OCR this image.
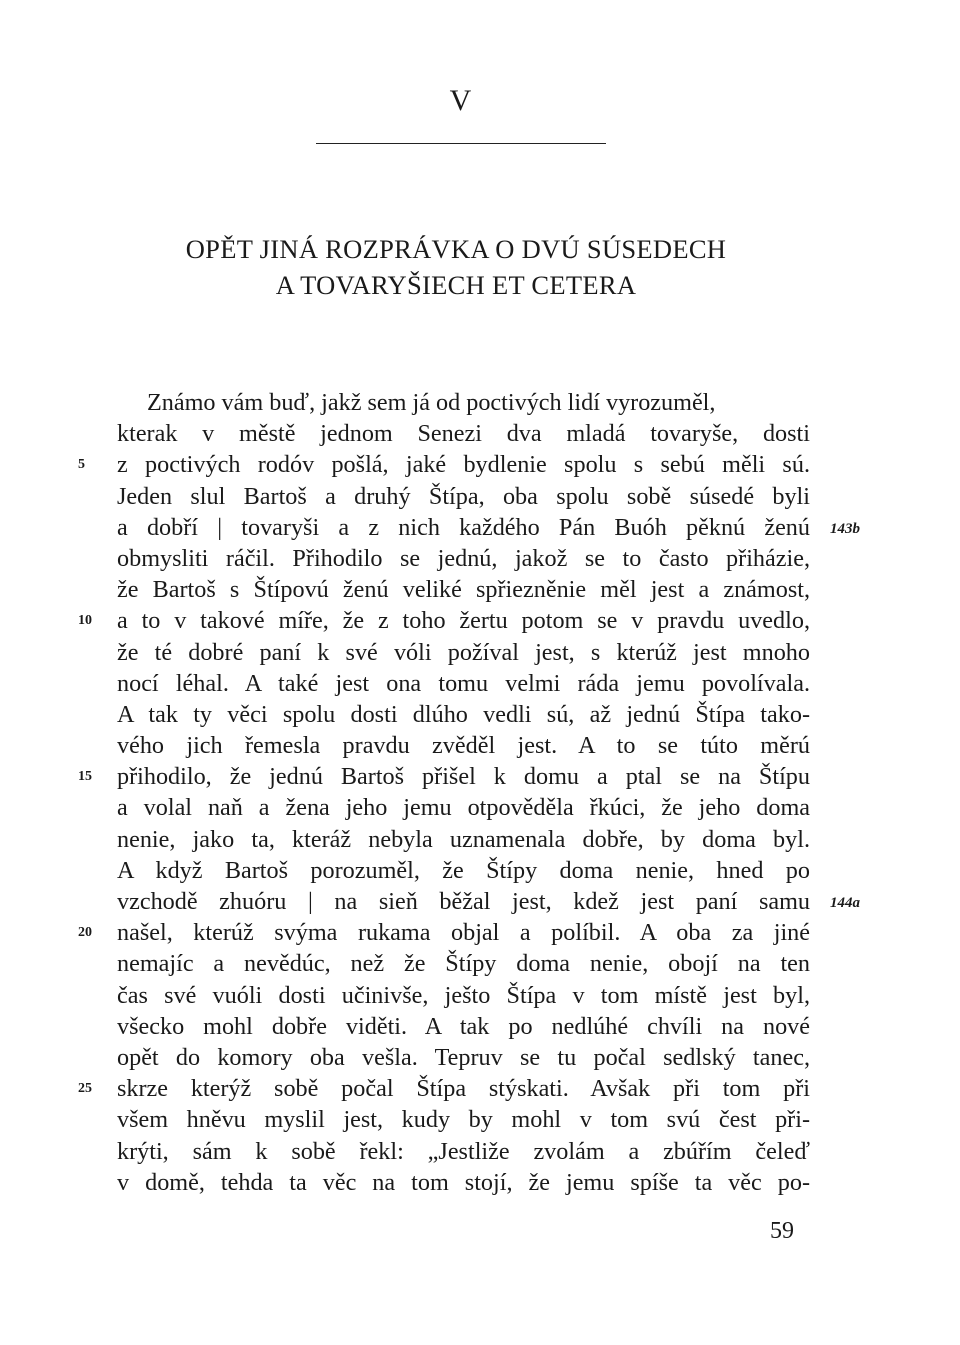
V
OPĚT JINÁ ROZPRÁVKA O DVÚ SÚSEDECH
A TOVARYŠIECH ET CETERA
Známo vám buď, jakž sem já od poctivých lidí vyrozuměl,
kterak v městě jednom Senezi dva mladá tovaryše, dosti
5 z poctivých rodóv pošlá, jaké bydlenie spolu s sebú měli sú.
Jeden slul Bartoš a druhý Štípa, oba spolu sobě súsedé byli
a dobří | tovaryši a z nich každého Pán Buóh pěknú ženú 143b
obmysliti ráčil. Přihodilo se jednú, jakož se to často přiházie,
že Bartoš s Štípovú ženú veliké spřiezněnie měl jest a známost,
10 a to v takové míře, že z toho žertu potom se v pravdu uvedlo,
že té dobré paní k své vóli požíval jest, s kterúž jest mnoho
nocí léhal. A také jest ona tomu velmi ráda jemu povolívala.
A tak ty věci spolu dosti dlúho vedli sú, až jednú Štípa tako-
vého jich řemesla pravdu zvěděl jest. A to se túto měrú
15 přihodilo, že jednú Bartoš přišel k domu a ptal se na Štípu
a volal naň a žena jeho jemu otpověděla řkúci, že jeho doma
nenie, jako ta, kteráž nebyla uznamenala dobře, by doma byl.
A když Bartoš porozuměl, že Štípy doma nenie, hned po
vzchodě zhuóru | na sieň běžal jest, kdež jest paní samu 144a
20 našel, kterúž svýma rukama objal a políbil. A oba za jiné
nemajíc a nevědúc, než že Štípy doma nenie, obojí na ten
čas své vuóli dosti učinivše, ješto Štípa v tom místě jest byl,
všecko mohl dobře viděti. A tak po nedlúhé chvíli na nové
opět do komory oba vešla. Tepruv se tu počal sedlský tanec,
25 skrze kterýž sobě počal Štípa stýskati. Avšak při tom při
všem hněvu myslil jest, kudy by mohl v tom svú čest při-
krýti, sám k sobě řekl: „Jestliže zvolám a zbúřím čeleď
v domě, tehda ta věc na tom stojí, že jemu spíše ta věc po-
59
